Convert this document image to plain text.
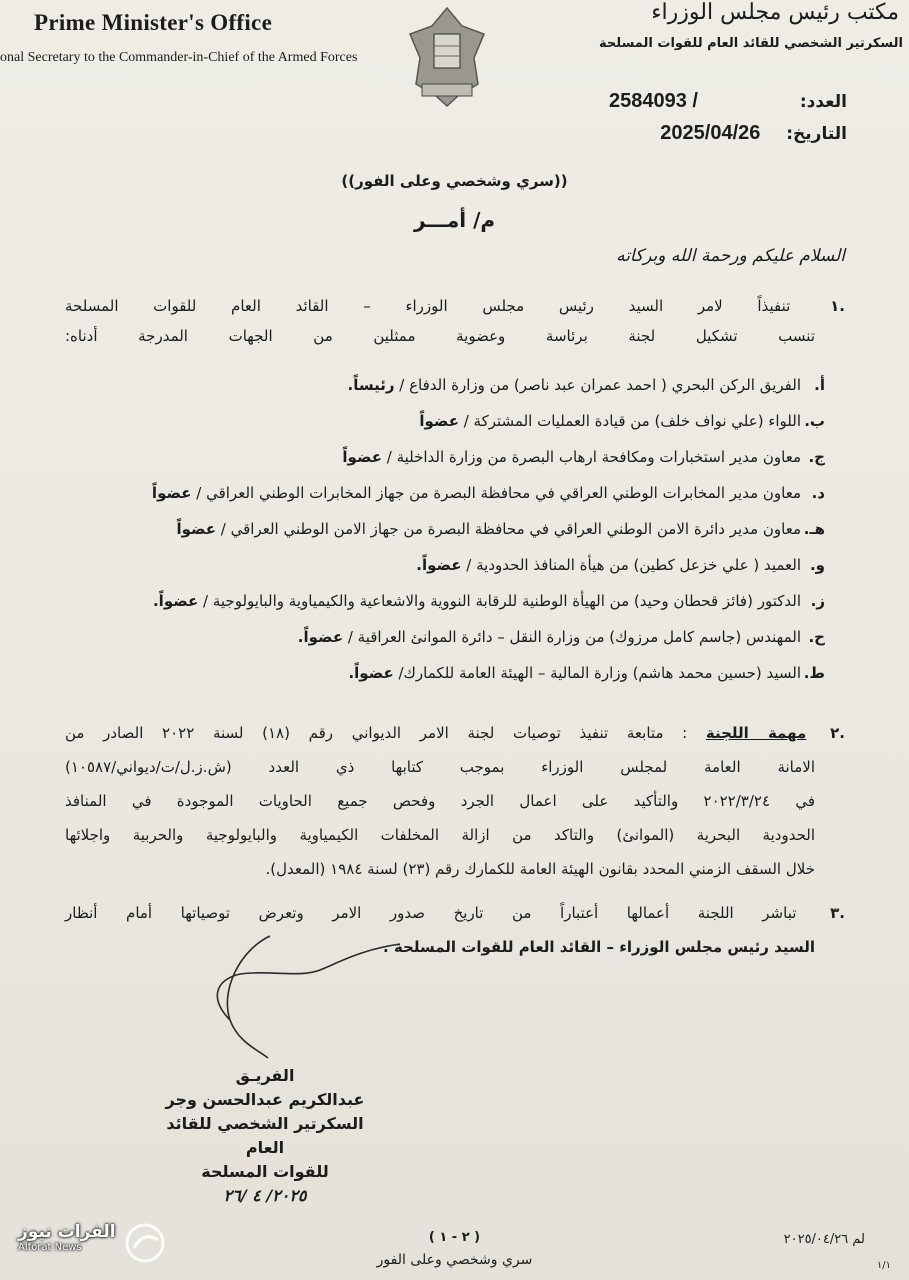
Prime Minister's Office
onal Secretary to the Commander-in-Chief of the Armed Forces
مكتب رئيس مجلس الوزراء
السكرتير الشخصي للقائد العام للقوات المسلحة
العدد:  2584093 /
التاريخ:  2025/04/26
((سري وشخصي وعلى الفور))
م/ أمـــر
السلام عليكم ورحمة الله وبركاته
.١ تنفيذاً لامر السيد رئيس مجلس الوزراء – القائد العام للقوات المسلحة
تنسب تشكيل لجنة برئاسة وعضوية ممثلين من الجهات المدرجة أدناه:
أ.الفريق الركن البحري ( احمد عمران عبد ناصر) من وزارة الدفاع / رئيساً.
ب.اللواء (علي نواف خلف) من قيادة العمليات المشتركة / عضواً
ج.معاون مدير استخبارات ومكافحة ارهاب البصرة من وزارة الداخلية / عضواً
د.معاون مدير المخابرات الوطني العراقي في محافظة البصرة من جهاز المخابرات الوطني العراقي / عضواً
هـ.معاون مدير دائرة الامن الوطني العراقي في محافظة البصرة من جهاز الامن الوطني العراقي / عضواً
و.العميد ( علي خزعل كطين) من هيأة المنافذ الحدودية / عضواً.
ز.الدكتور (فائز قحطان وحيد) من الهيأة الوطنية للرقابة النووية والاشعاعية والكيمياوية والبايولوجية / عضواً.
ح.المهندس (جاسم كامل مرزوك) من وزارة النقل – دائرة الموانئ العراقية / عضواً.
ط.السيد (حسين محمد هاشم) وزارة المالية – الهيئة العامة للكمارك/ عضواً.
.٢ مهمة اللجنة : متابعة تنفيذ توصيات لجنة الامر الديواني رقم (١٨) لسنة ٢٠٢٢ الصادر من
الامانة العامة لمجلس الوزراء بموجب كتابها ذي العدد (ش.ز.ل/ت/ديواني/١٠٥٨٧)
في ٢٠٢٢/٣/٢٤ والتأكيد على اعمال الجرد وفحص جميع الحاويات الموجودة في المنافذ
الحدودية البحرية (الموانئ) والتاكد من ازالة المخلفات الكيمياوية والبايولوجية والحربية واجلائها
خلال السقف الزمني المحدد بقانون الهيئة العامة للكمارك رقم (٢٣) لسنة ١٩٨٤ (المعدل).
.٣ تباشر اللجنة أعمالها أعتباراً من تاريخ صدور الامر وتعرض توصياتها أمام أنظار
السيد رئيس مجلس الوزراء – القائد العام للقوات المسلحة .
الفريـق
عبدالكريم عبدالحسن وجر
السكرتير الشخصي للقائد العام
للقوات المسلحة
٢٠٢٥/ ٤ /٢٦
( ٢ - ١ )
سري وشخصي وعلى الفور
لم ٢٠٢٥/٠٤/٢٦
١/١
الفرات نيوز
Alforat News
